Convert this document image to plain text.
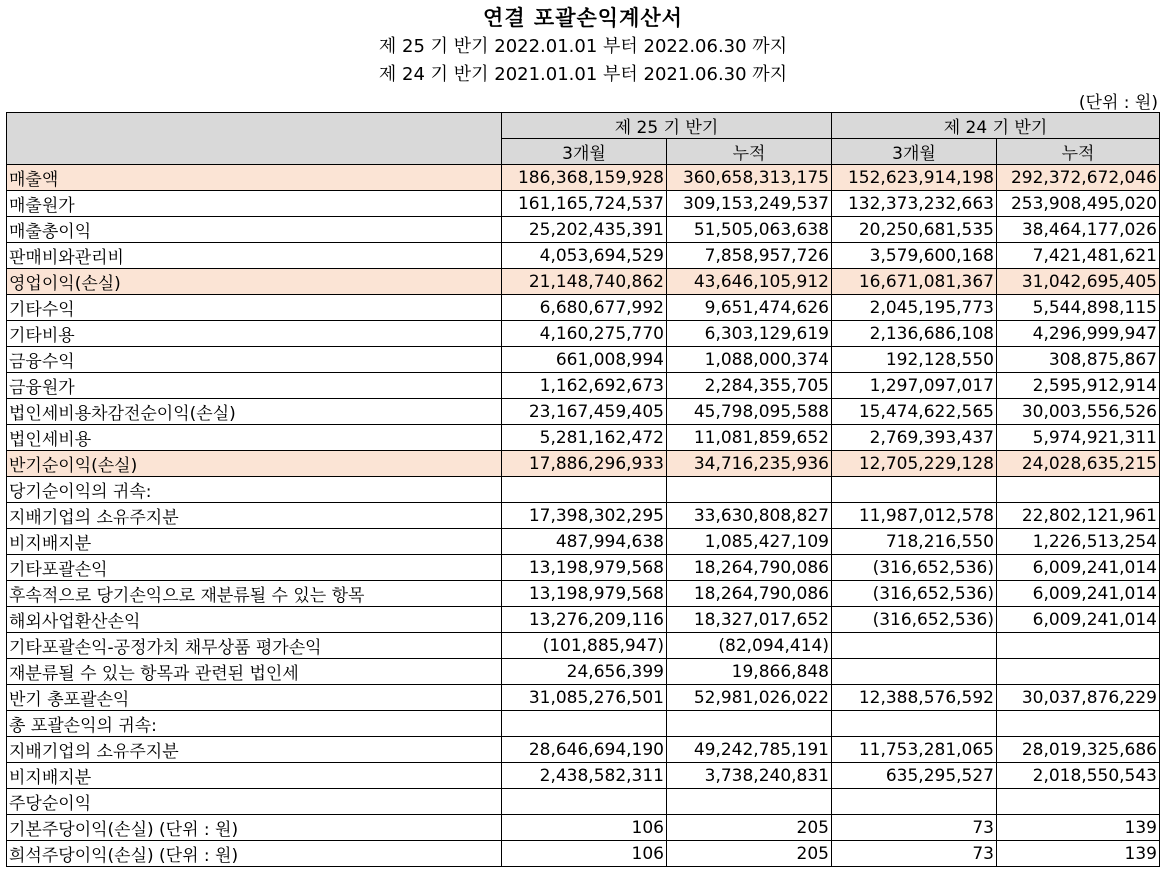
연결 포괄손익계산서
제 25 기 반기 2022.01.01 부터 2022.06.30 까지
제 24 기 반기 2021.01.01 부터 2021.06.30 까지
(단위 : 원)
	제 25 기 반기		제 24 기 반기	
	3개월	누적	3개월	누적
매출액	186,368,159,928	360,658,313,175	152,623,914,198	292,372,672,046
매출원가	161,165,724,537	309,153,249,537	132,373,232,663	253,908,495,020
매출총이익	25,202,435,391	51,505,063,638	20,250,681,535	38,464,177,026
판매비와관리비	4,053,694,529	7,858,957,726	3,579,600,168	7,421,481,621
영업이익(손실)	21,148,740,862	43,646,105,912	16,671,081,367	31,042,695,405
기타수익	6,680,677,992	9,651,474,626	2,045,195,773	5,544,898,115
기타비용	4,160,275,770	6,303,129,619	2,136,686,108	4,296,999,947
금융수익	661,008,994	1,088,000,374	192,128,550	308,875,867
금융원가	1,162,692,673	2,284,355,705	1,297,097,017	2,595,912,914
법인세비용차감전순이익(손실)	23,167,459,405	45,798,095,588	15,474,622,565	30,003,556,526
법인세비용	5,281,162,472	11,081,859,652	2,769,393,437	5,974,921,311
반기순이익(손실)	17,886,296,933	34,716,235,936	12,705,229,128	24,028,635,215
당기순이익의 귀속:				
지배기업의 소유주지분	17,398,302,295	33,630,808,827	11,987,012,578	22,802,121,961
비지배지분	487,994,638	1,085,427,109	718,216,550	1,226,513,254
기타포괄손익	13,198,979,568	18,264,790,086	(316,652,536)	6,009,241,014
후속적으로 당기손익으로 재분류될 수 있는 항목	13,198,979,568	18,264,790,086	(316,652,536)	6,009,241,014
해외사업환산손익	13,276,209,116	18,327,017,652	(316,652,536)	6,009,241,014
기타포괄손익-공정가치 채무상품 평가손익	(101,885,947)	(82,094,414)		
재분류될 수 있는 항목과 관련된 법인세	24,656,399	19,866,848		
반기 총포괄손익	31,085,276,501	52,981,026,022	12,388,576,592	30,037,876,229
총 포괄손익의 귀속:				
지배기업의 소유주지분	28,646,694,190	49,242,785,191	11,753,281,065	28,019,325,686
비지배지분	2,438,582,311	3,738,240,831	635,295,527	2,018,550,543
주당순이익				
기본주당이익(손실) (단위 : 원)	106	205	73	139
희석주당이익(손실) (단위 : 원)	106	205	73	139
